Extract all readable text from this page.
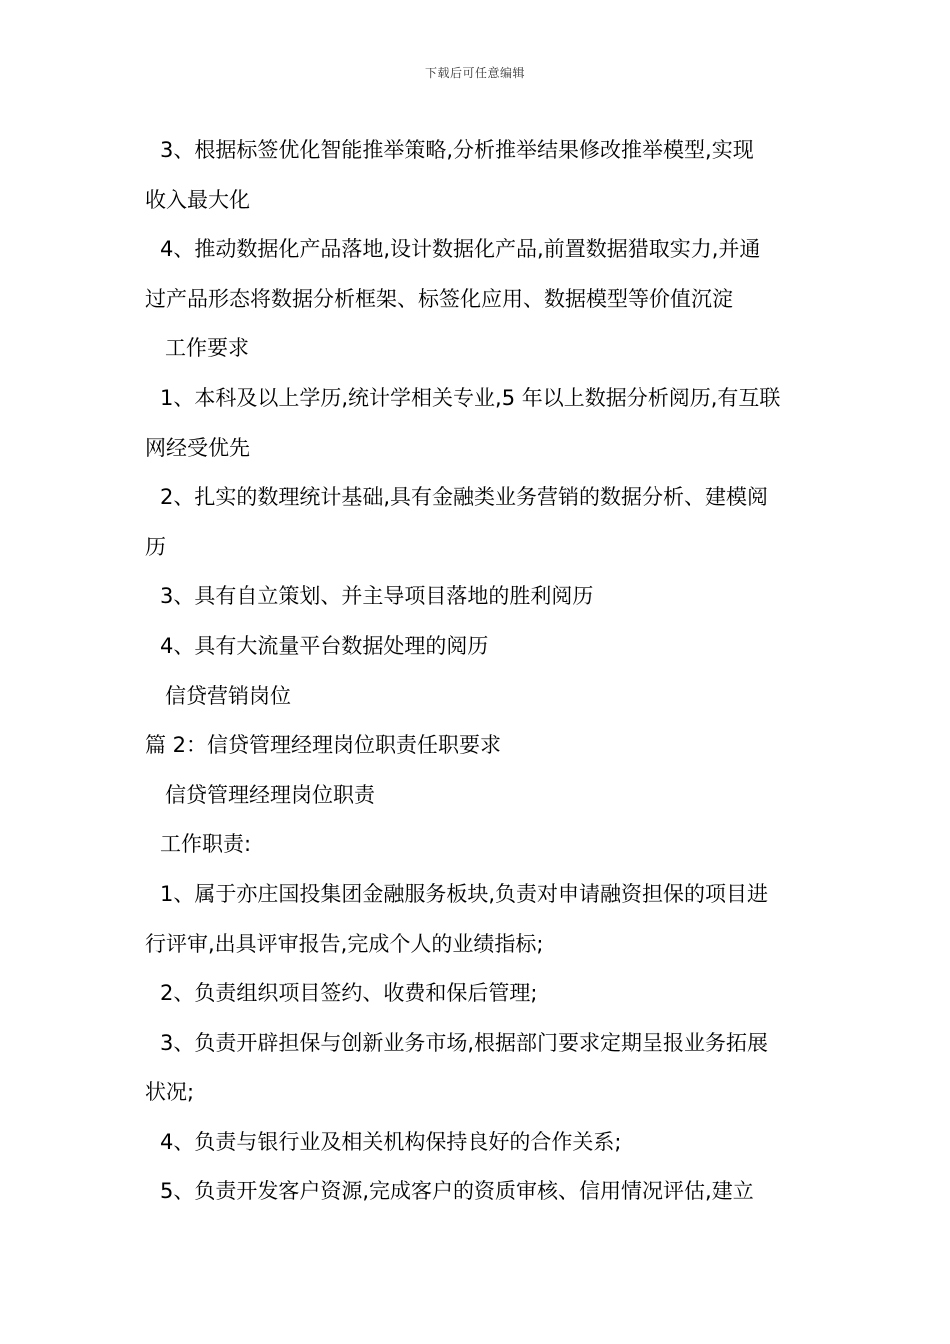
下载后可任意编辑
3、根据标签优化智能推举策略,分析推举结果修改推举模型,实现
收入最大化
4、推动数据化产品落地,设计数据化产品,前置数据猎取实力,并通
过产品形态将数据分析框架、标签化应用、数据模型等价值沉淀
工作要求
1、本科及以上学历,统计学相关专业,5 年以上数据分析阅历,有互联
网经受优先
2、扎实的数理统计基础,具有金融类业务营销的数据分析、建模阅
历
3、具有自立策划、并主导项目落地的胜利阅历
4、具有大流量平台数据处理的阅历
信贷营销岗位
篇 2：信贷管理经理岗位职责任职要求
信贷管理经理岗位职责
工作职责:
1、属于亦庄国投集团金融服务板块,负责对申请融资担保的项目进
行评审,出具评审报告,完成个人的业绩指标;
2、负责组织项目签约、收费和保后管理;
3、负责开辟担保与创新业务市场,根据部门要求定期呈报业务拓展
状况;
4、负责与银行业及相关机构保持良好的合作关系;
5、负责开发客户资源,完成客户的资质审核、信用情况评估,建立
